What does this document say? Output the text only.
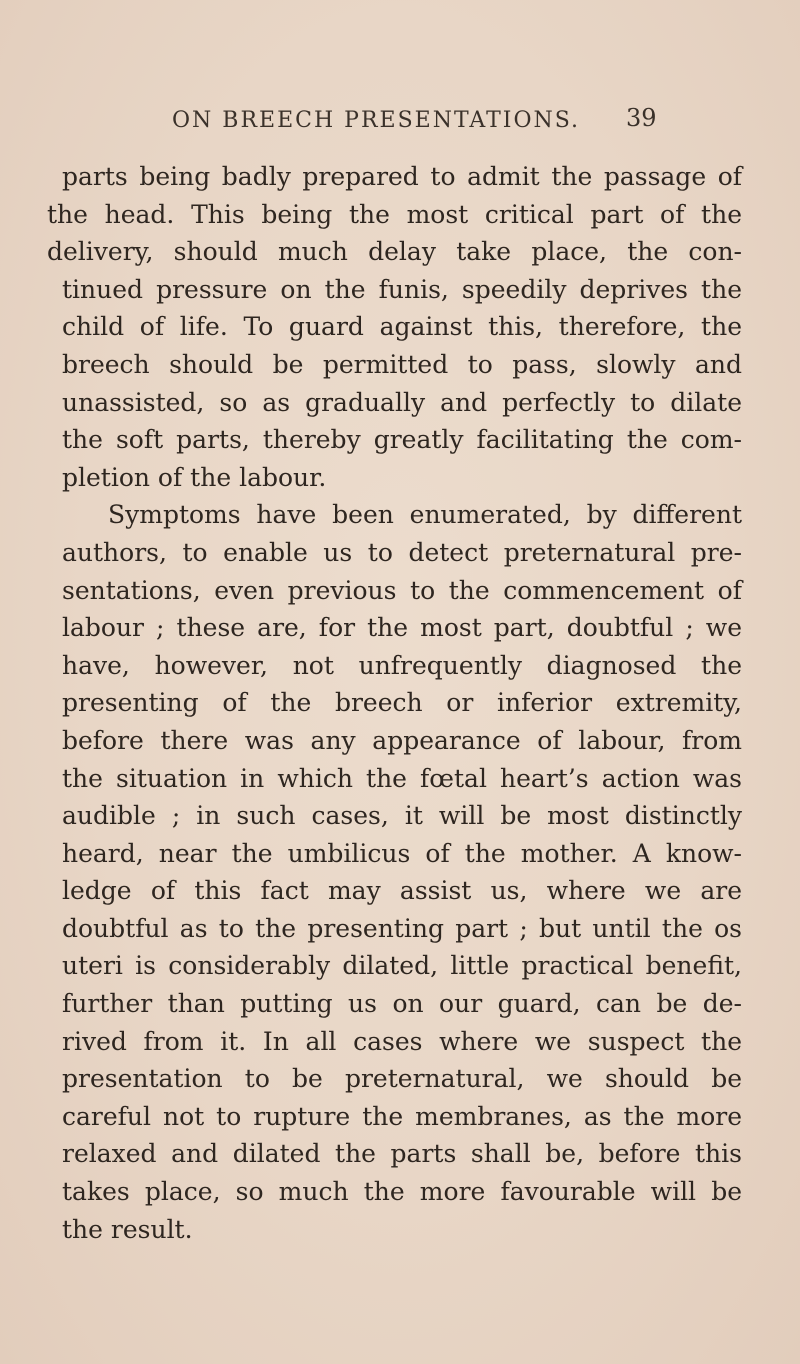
ON BREECH PRESENTATIONS.	39
parts being badly prepared to admit the passage of
the head. This being the most critical part of the
delivery, should much delay take place, the con-
tinued pressure on the funis, speedily deprives the
child of life. To guard against this, therefore, the
breech should be permitted to pass, slowly and
unassisted, so as gradually and perfectly to dilate
the soft parts, thereby greatly facilitating the com-
pletion of the labour.
Symptoms have been enumerated, by different
authors, to enable us to detect preternatural pre-
sentations, even previous to the commencement of
labour ; these are, for the most part, doubtful ; we
have, however, not unfrequently diagnosed the
presenting of the breech or inferior extremity,
before there was any appearance of labour, from
the situation in which the fœtal heart’s action was
audible ; in such cases, it will be most distinctly
heard, near the umbilicus of the mother. A know-
ledge of this fact may assist us, where we are
doubtful as to the presenting part ; but until the os
uteri is considerably dilated, little practical benefit,
further than putting us on our guard, can be de-
rived from it. In all cases where we suspect the
presentation to be preternatural, we should be
careful not to rupture the membranes, as the more
relaxed and dilated the parts shall be, before this
takes place, so much the more favourable will be
the result.
